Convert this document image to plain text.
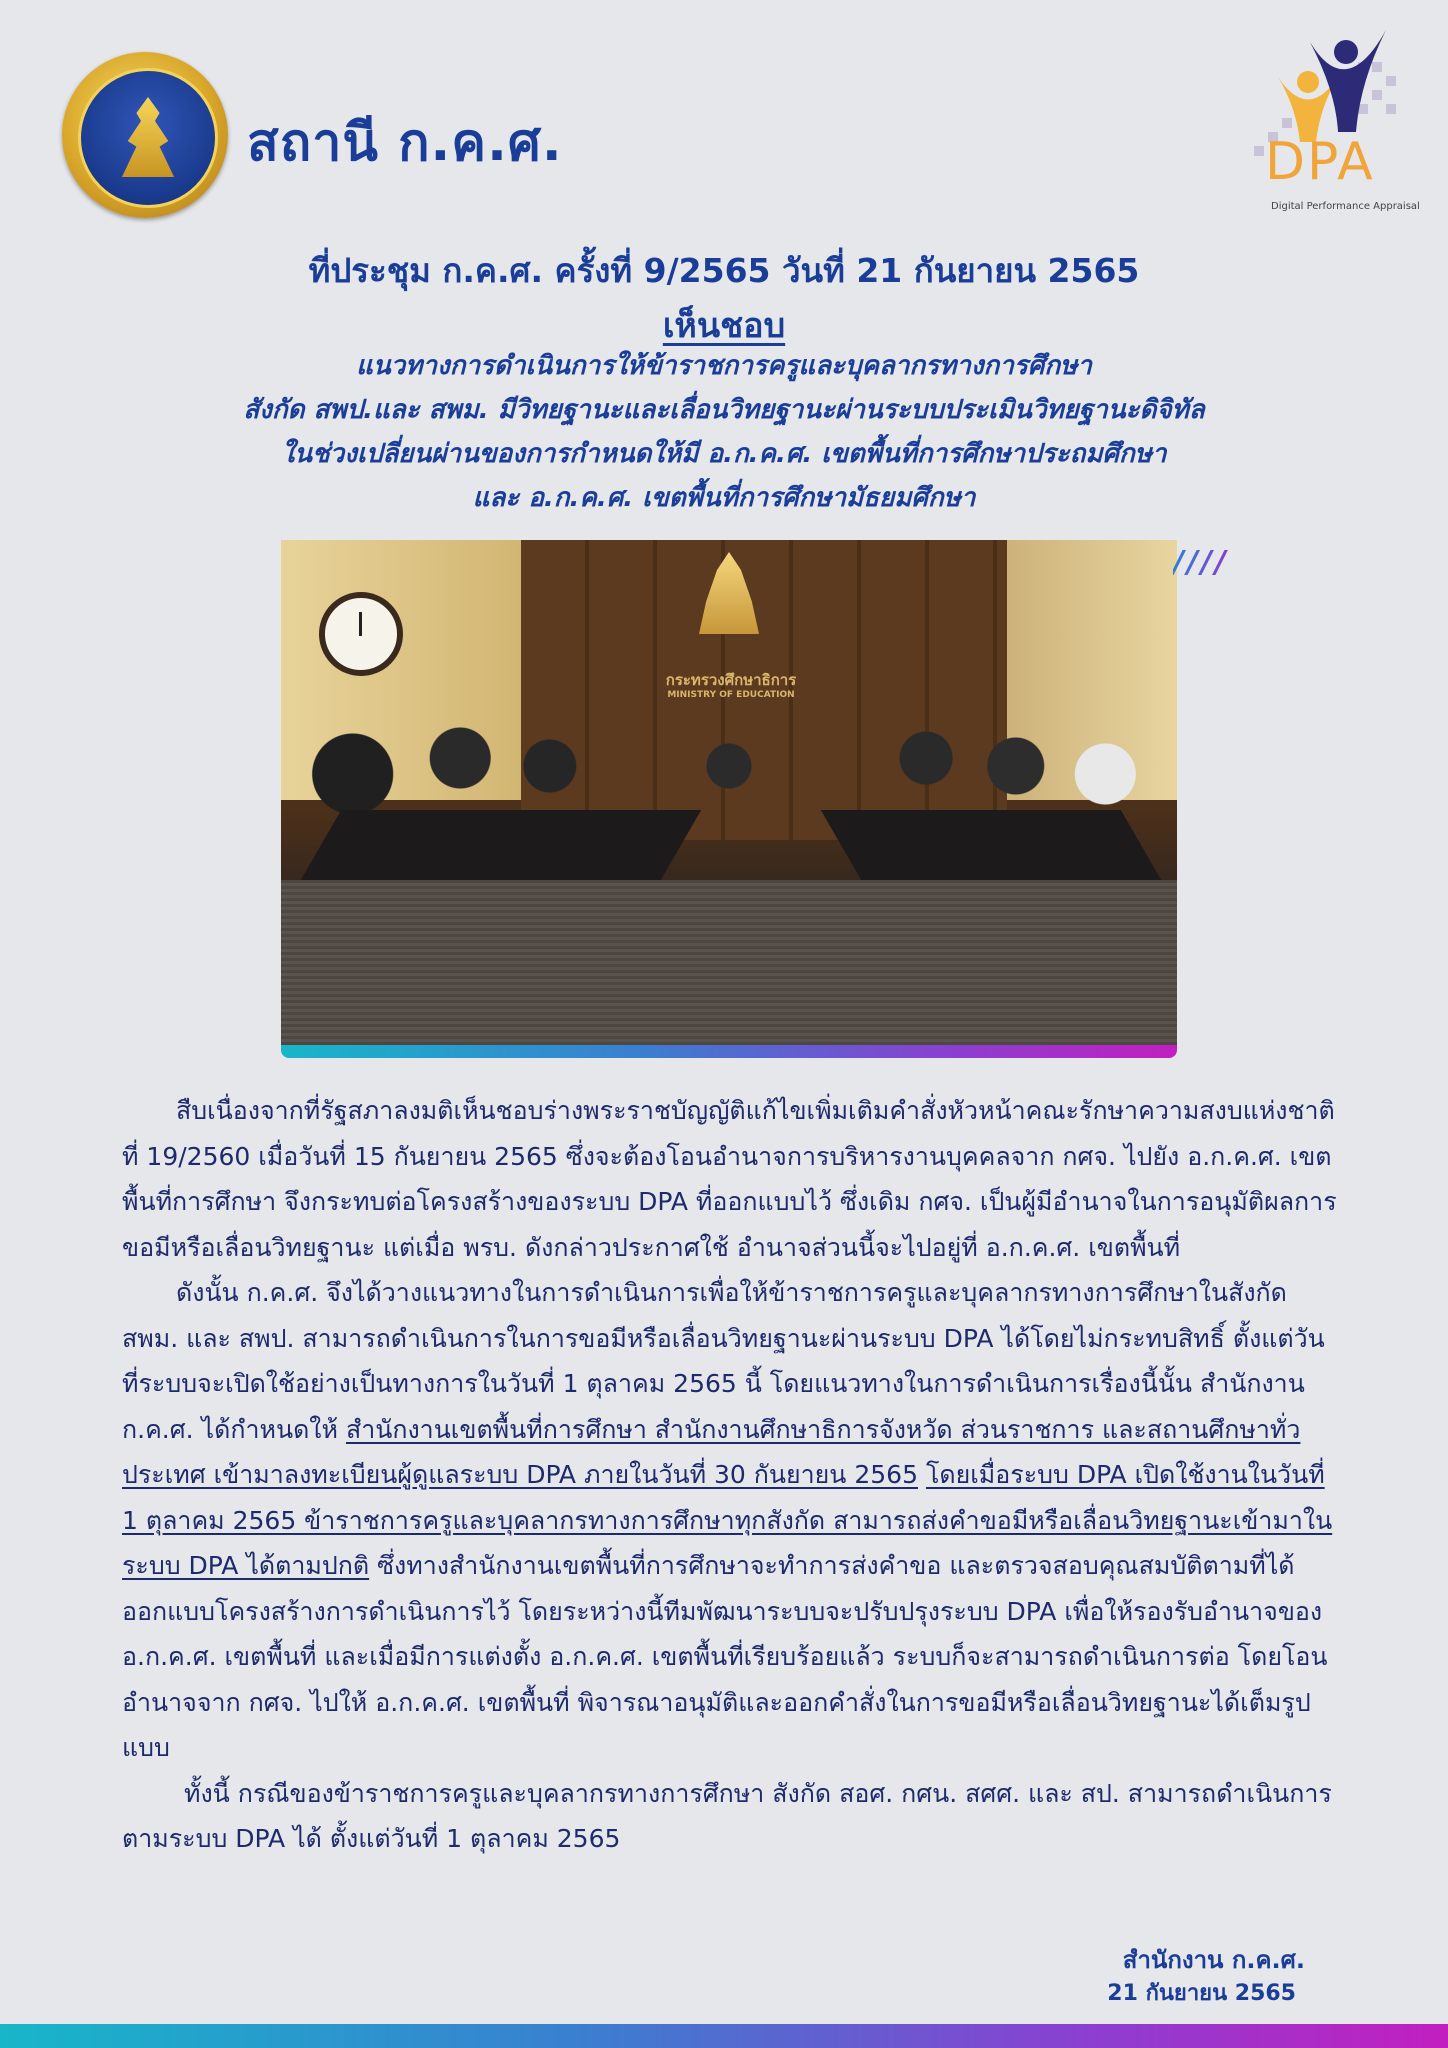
สถานี ก.ค.ศ.	DPA
Digital Performance Appraisal
ที่ประชุม ก.ค.ศ. ครั้งที่ 9/2565 วันที่ 21 กันยายน 2565
เห็นชอบ
แนวทางการดำเนินการให้ข้าราชการครูและบุคลากรทางการศึกษา
สังกัด สพป.และ สพม. มีวิทยฐานะและเลื่อนวิทยฐานะผ่านระบบประเมินวิทยฐานะดิจิทัล
ในช่วงเปลี่ยนผ่านของการกำหนดให้มี อ.ก.ค.ศ. เขตพื้นที่การศึกษาประถมศึกษา
และ อ.ก.ค.ศ. เขตพื้นที่การศึกษามัธยมศึกษา
กระทรวงศึกษาธิการ
MINISTRY OF EDUCATION
////

สืบเนื่องจากที่รัฐสภาลงมติเห็นชอบร่างพระราชบัญญัติแก้ไขเพิ่มเติมคำสั่งหัวหน้าคณะรักษาความสงบแห่งชาติที่ 19/2560 เมื่อวันที่ 15 กันยายน 2565 ซึ่งจะต้องโอนอำนาจการบริหารงานบุคคลจาก กศจ. ไปยัง อ.ก.ค.ศ. เขตพื้นที่การศึกษา จึงกระทบต่อโครงสร้างของระบบ DPA ที่ออกแบบไว้ ซึ่งเดิม กศจ. เป็นผู้มีอำนาจในการอนุมัติผลการขอมีหรือเลื่อนวิทยฐานะ แต่เมื่อ พรบ. ดังกล่าวประกาศใช้ อำนาจส่วนนี้จะไปอยู่ที่ อ.ก.ค.ศ. เขตพื้นที่

ดังนั้น ก.ค.ศ. จึงได้วางแนวทางในการดำเนินการเพื่อให้ข้าราชการครูและบุคลากรทางการศึกษาในสังกัด สพม. และ สพป. สามารถดำเนินการในการขอมีหรือเลื่อนวิทยฐานะผ่านระบบ DPA ได้โดยไม่กระทบสิทธิ์ ตั้งแต่วันที่ระบบจะเปิดใช้อย่างเป็นทางการในวันที่ 1 ตุลาคม 2565 นี้ โดยแนวทางในการดำเนินการเรื่องนี้นั้น สำนักงาน ก.ค.ศ. ได้กำหนดให้ สำนักงานเขตพื้นที่การศึกษา สำนักงานศึกษาธิการจังหวัด ส่วนราชการ และสถานศึกษาทั่วประเทศ เข้ามาลงทะเบียนผู้ดูแลระบบ DPA ภายในวันที่ 30 กันยายน 2565 โดยเมื่อระบบ DPA เปิดใช้งานในวันที่ 1 ตุลาคม 2565 ข้าราชการครูและบุคลากรทางการศึกษาทุกสังกัด สามารถส่งคำขอมีหรือเลื่อนวิทยฐานะเข้ามาในระบบ DPA ได้ตามปกติ ซึ่งทางสำนักงานเขตพื้นที่การศึกษาจะทำการส่งคำขอ และตรวจสอบคุณสมบัติตามที่ได้ออกแบบโครงสร้างการดำเนินการไว้ โดยระหว่างนี้ทีมพัฒนาระบบจะปรับปรุงระบบ DPA เพื่อให้รองรับอำนาจของ อ.ก.ค.ศ. เขตพื้นที่ และเมื่อมีการแต่งตั้ง อ.ก.ค.ศ. เขตพื้นที่เรียบร้อยแล้ว ระบบก็จะสามารถดำเนินการต่อ โดยโอนอำนาจจาก กศจ. ไปให้ อ.ก.ค.ศ. เขตพื้นที่ พิจารณาอนุมัติและออกคำสั่งในการขอมีหรือเลื่อนวิทยฐานะได้เต็มรูปแบบ

ทั้งนี้ กรณีของข้าราชการครูและบุคลากรทางการศึกษา สังกัด สอศ. กศน. สศศ. และ สป. สามารถดำเนินการตามระบบ DPA ได้ ตั้งแต่วันที่ 1 ตุลาคม 2565

สำนักงาน ก.ค.ศ.
21 กันยายน 2565
